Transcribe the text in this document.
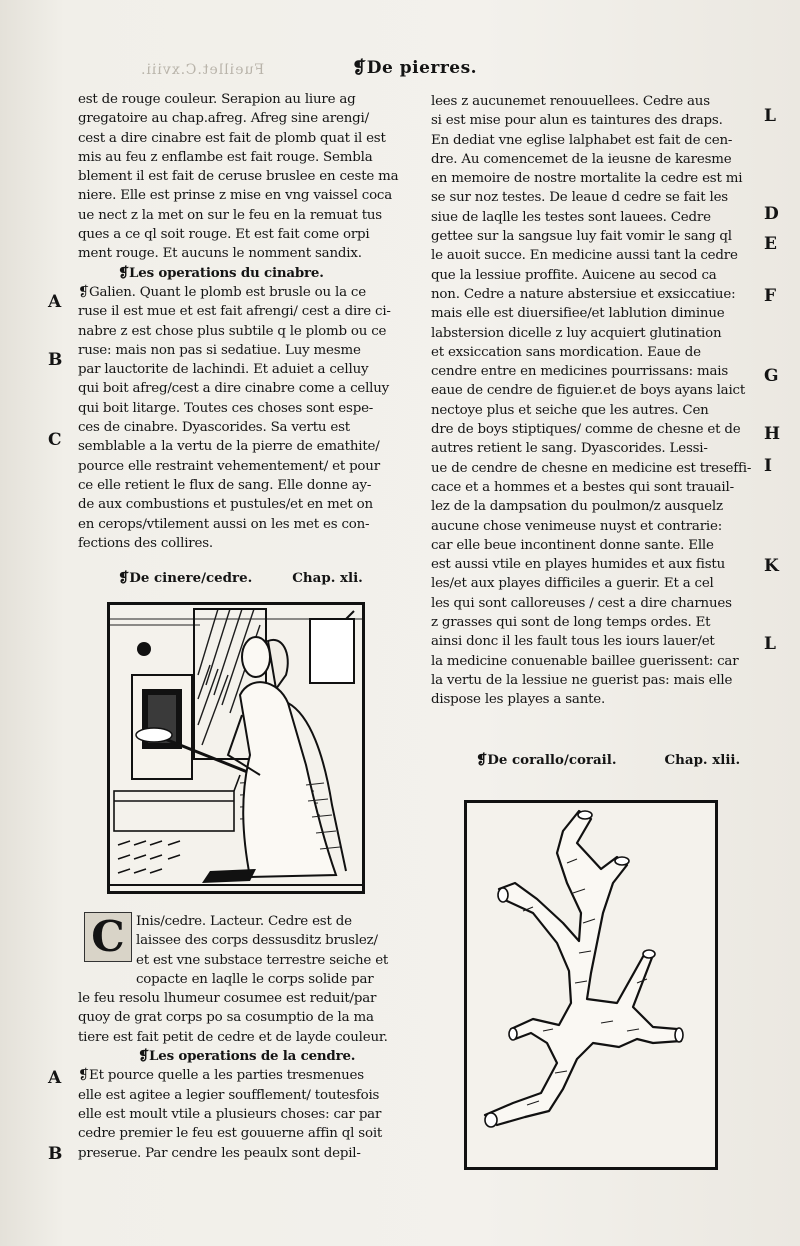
Fueillet.C.xviii.	❡De pierres.

est de rouge couleur. Serapion au liure ag

gregatoire au chap.afreg. Afreg sine arengi/

cest a dire cinabre est fait de plomb quat il est

mis au feu z enflambe est fait rouge. Sembla

blement il est fait de ceruse bruslee en ceste ma

niere. Elle est prinse z mise en vng vaissel coca

ue nect z la met on sur le feu en la remuat tus

ques a ce ql soit rouge. Et est fait come orpi

ment rouge. Et aucuns le nomment sandix.

❡Les operations du cinabre.

❡Galien. Quant le plomb est brusle ou la ce

ruse il est mue et est fait afrengi/ cest a dire ci-

nabre z est chose plus subtile q le plomb ou ce

ruse: mais non pas si sedatiue. Luy mesme

par lauctorite de lachindi. Et aduiet a celluy

qui boit afreg/cest a dire cinabre come a celluy

qui boit litarge. Toutes ces choses sont espe-

ces de cinabre. Dyascorides. Sa vertu est

semblable a la vertu de la pierre de emathite/

pource elle restraint vehementement/ et pour

ce elle retient le flux de sang. Elle donne ay-

de aux combustions et pustules/et en met on

en cerops/vtilement aussi on les met es con-

fections des collires.

❡De cinere/cedre.	Chap. xli.
C Inis/cedre. Lacteur. Cedre est de

laissee des corps dessusditz bruslez/

et est vne substace terrestre seiche et

copacte en laqlle le corps solide par

le feu resolu lhumeur cosumee est reduit/par

quoy de grat corps po sa cosumptio de la ma

tiere est fait petit de cedre et de layde couleur.

❡Les operations de la cendre.

❡Et pource quelle a les parties tresmenues

elle est agitee a legier soufflement/ toutesfois

elle est moult vtile a plusieurs choses: car par

cedre premier le feu est gouuerne affin ql soit

preserue. Par cendre les peaulx sont depil-

lees z aucunemet renouuellees. Cedre aus

si est mise pour alun es taintures des draps.

En dediat vne eglise lalphabet est fait de cen-

dre. Au comencemet de la ieusne de karesme

en memoire de nostre mortalite la cedre est mi

se sur noz testes. De leaue d cedre se fait les

siue de laqlle les testes sont lauees. Cedre

gettee sur la sangsue luy fait vomir le sang ql

le auoit succe. En medicine aussi tant la cedre

que la lessiue proffite. Auicene au secod ca

non. Cedre a nature abstersiue et exsiccatiue:

mais elle est diuersifiee/et lablution diminue

labstersion dicelle z luy acquiert glutination

et exsiccation sans mordication. Eaue de

cendre entre en medicines pourrissans: mais

eaue de cendre de figuier.et de boys ayans laict

nectoye plus et seiche que les autres. Cen

dre de boys stiptiques/ comme de chesne et de

autres retient le sang. Dyascorides. Lessi-

ue de cendre de chesne en medicine est treseffi-

cace et a hommes et a bestes qui sont trauail-

lez de la dampsation du poulmon/z ausquelz

aucune chose venimeuse nuyst et contrarie:

car elle beue incontinent donne sante. Elle

est aussi vtile en playes humides et aux fistu

les/et aux playes difficiles a guerir. Et a cel

les qui sont calloreuses / cest a dire charnues

z grasses qui sont de long temps ordes. Et

ainsi donc il les fault tous les iours lauer/et

la medicine conuenable baillee guerissent: car

la vertu de la lessiue ne guerist pas: mais elle

dispose les playes a sante.

❡De corallo/corail.	Chap. xlii.
A
B
C
A
B
L
D
E
F
G
H
I
K
L
